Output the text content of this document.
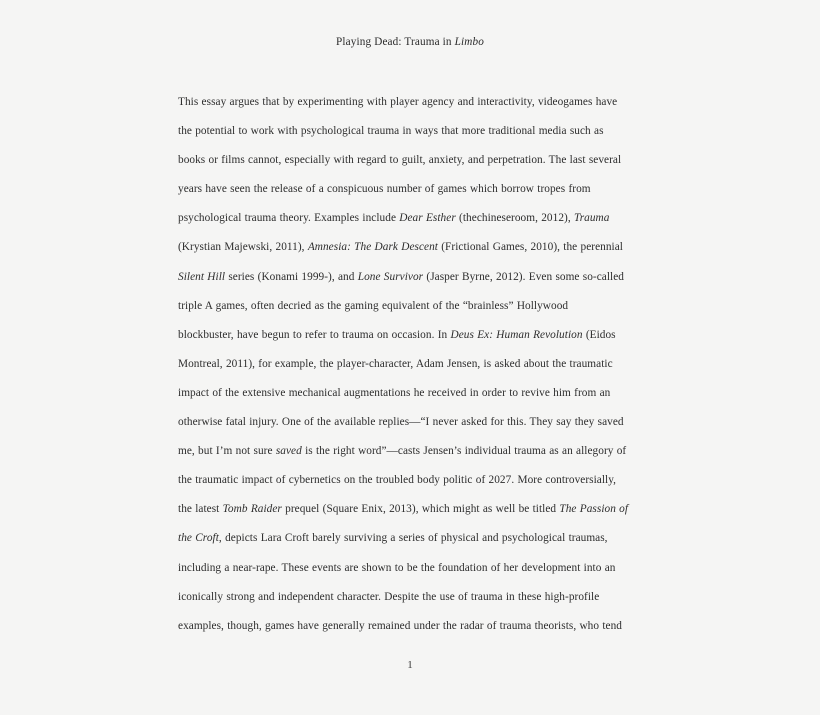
Playing Dead: Trauma in Limbo
This essay argues that by experimenting with player agency and interactivity, videogames have
the potential to work with psychological trauma in ways that more traditional media such as
books or films cannot, especially with regard to guilt, anxiety, and perpetration. The last several
years have seen the release of a conspicuous number of games which borrow tropes from
psychological trauma theory. Examples include Dear Esther (thechineseroom, 2012), Trauma
(Krystian Majewski, 2011), Amnesia: The Dark Descent (Frictional Games, 2010), the perennial
Silent Hill series (Konami 1999-), and Lone Survivor (Jasper Byrne, 2012). Even some so-called
triple A games, often decried as the gaming equivalent of the “brainless” Hollywood
blockbuster, have begun to refer to trauma on occasion. In Deus Ex: Human Revolution (Eidos
Montreal, 2011), for example, the player-character, Adam Jensen, is asked about the traumatic
impact of the extensive mechanical augmentations he received in order to revive him from an
otherwise fatal injury. One of the available replies—“I never asked for this. They say they saved
me, but I’m not sure saved is the right word”—casts Jensen’s individual trauma as an allegory of
the traumatic impact of cybernetics on the troubled body politic of 2027. More controversially,
the latest Tomb Raider prequel (Square Enix, 2013), which might as well be titled The Passion of
the Croft, depicts Lara Croft barely surviving a series of physical and psychological traumas,
including a near-rape. These events are shown to be the foundation of her development into an
iconically strong and independent character. Despite the use of trauma in these high-profile
examples, though, games have generally remained under the radar of trauma theorists, who tend
1
